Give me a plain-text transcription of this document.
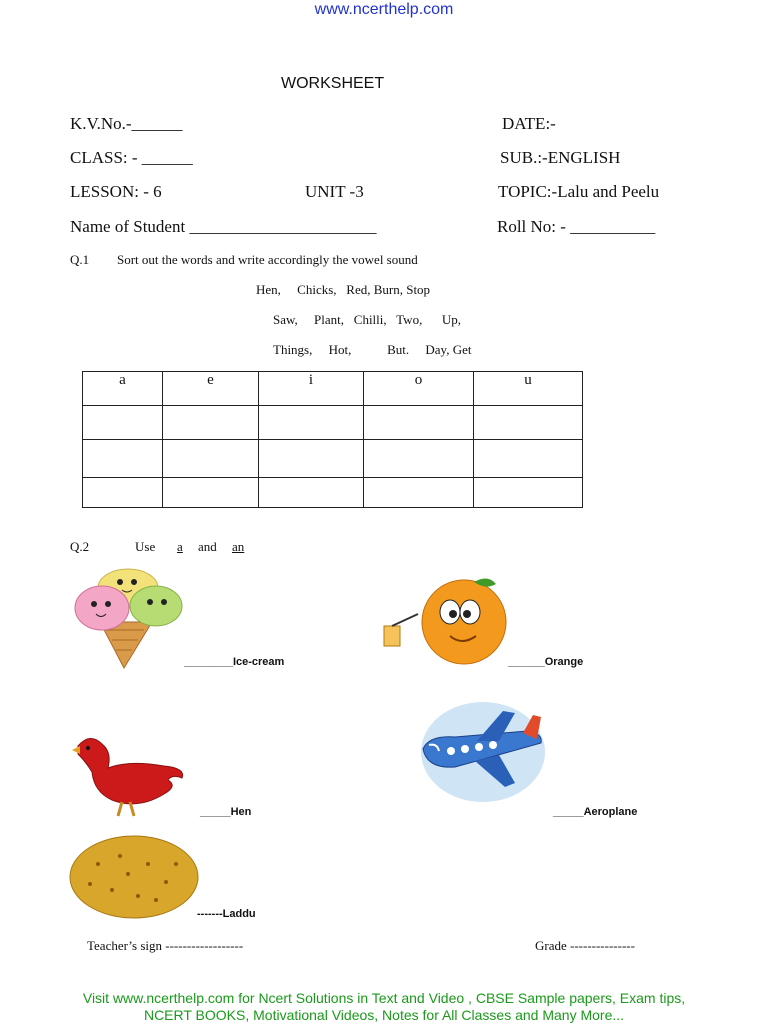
www.ncerthelp.com
WORKSHEET
K.V.No.-______	DATE:-
CLASS: - ______	SUB.:-ENGLISH
LESSON: - 6	UNIT -3	TOPIC:-Lalu and Peelu
Name of Student ______________________	Roll No: - __________
Q.1 Sort out the words and write accordingly the vowel sound
Hen,     Chicks,   Red, Burn, Stop
Saw,     Plant,   Chilli,   Two,      Up,
Things,     Hot,           But.     Day, Get
a	e	i	o	u

Q.2	Use a and an
________Ice-cream	______Orange
_____Hen	_____Aeroplane
-------Laddu
Teacher’s sign ------------------	Grade ---------------
Visit www.ncerthelp.com for Ncert Solutions in Text and Video , CBSE Sample papers, Exam tips,
NCERT BOOKS, Motivational Videos, Notes for All Classes and Many More...
